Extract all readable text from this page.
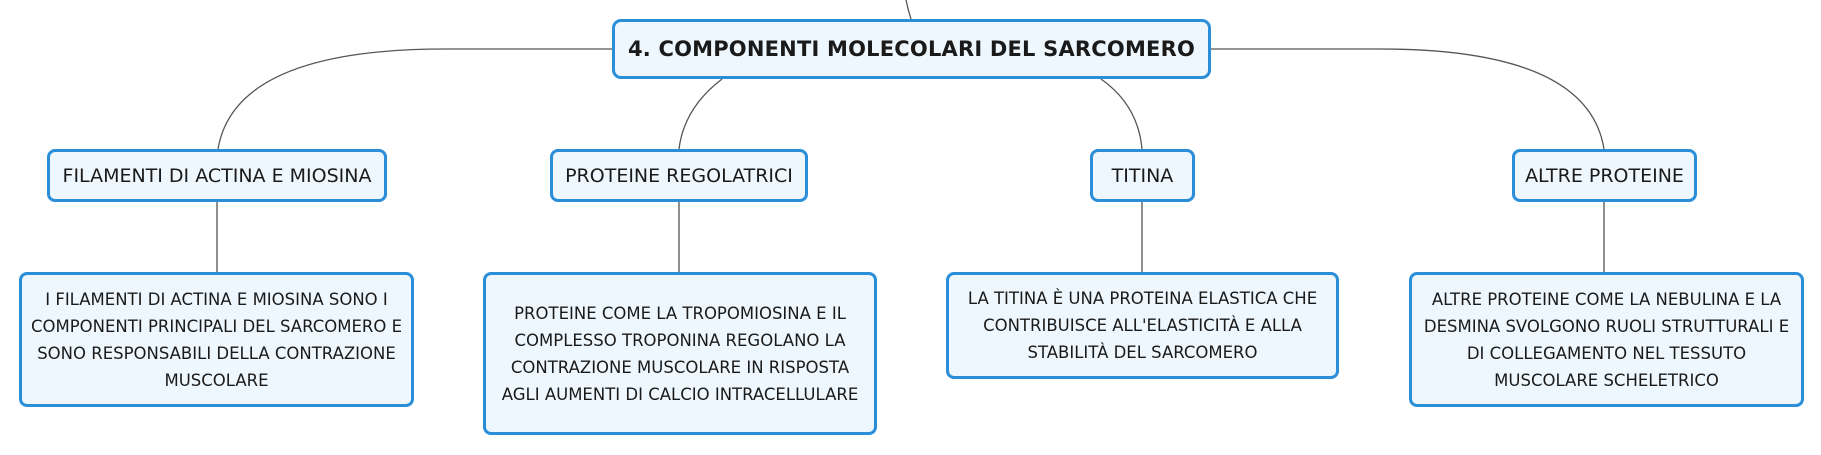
4. COMPONENTI MOLECOLARI DEL SARCOMERO
FILAMENTI DI ACTINA E MIOSINA	PROTEINE REGOLATRICI	TITINA	ALTRE PROTEINE
I FILAMENTI DI ACTINA E MIOSINA SONO I COMPONENTI PRINCIPALI DEL SARCOMERO E SONO RESPONSABILI DELLA CONTRAZIONE MUSCOLARE
PROTEINE COME LA TROPOMIOSINA E IL COMPLESSO TROPONINA REGOLANO LA CONTRAZIONE MUSCOLARE IN RISPOSTA AGLI AUMENTI DI CALCIO INTRACELLULARE
LA TITINA È UNA PROTEINA ELASTICA CHE CONTRIBUISCE ALL'ELASTICITÀ E ALLA STABILITÀ DEL SARCOMERO
ALTRE PROTEINE COME LA NEBULINA E LA DESMINA SVOLGONO RUOLI STRUTTURALI E DI COLLEGAMENTO NEL TESSUTO MUSCOLARE SCHELETRICO
